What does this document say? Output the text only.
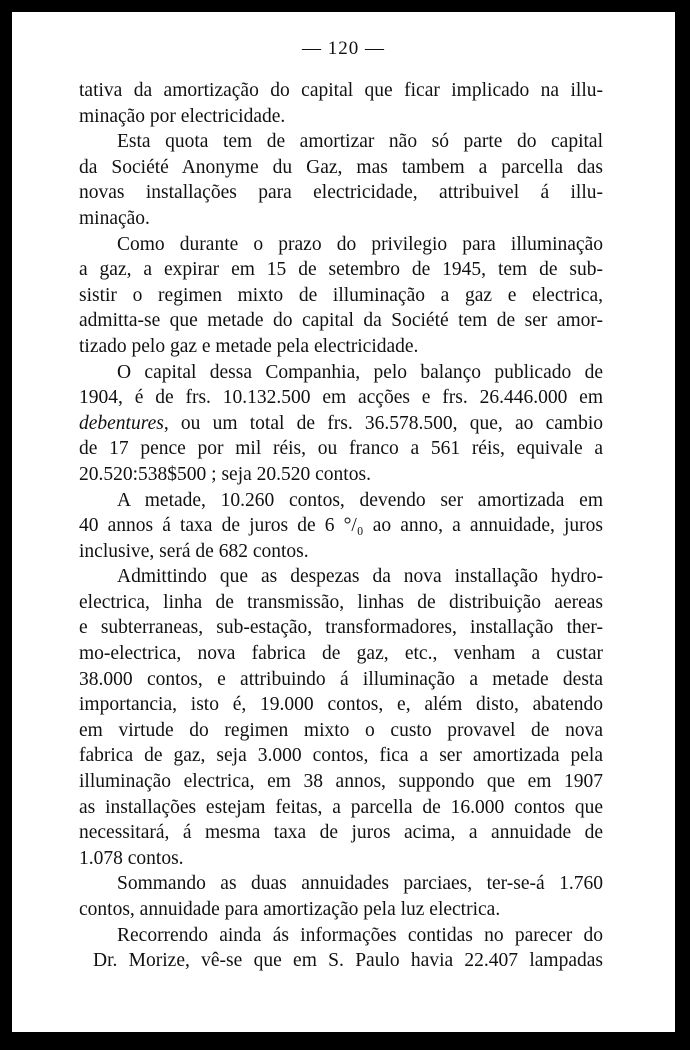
— 120 —
tativa da amortização do capital que ficar implicado na illu-
minação por electricidade.
Esta quota tem de amortizar não só parte do capital
da Société Anonyme du Gaz, mas tambem a parcella das
novas installações para electricidade, attribuivel á illu-
minação.
Como durante o prazo do privilegio para illuminação
a gaz, a expirar em 15 de setembro de 1945, tem de sub-
sistir o regimen mixto de illuminação a gaz e electrica,
admitta-se que metade do capital da Société tem de ser amor-
tizado pelo gaz e metade pela electricidade.
O capital dessa Companhia, pelo balanço publicado de
1904, é de frs. 10.132.500 em acções e frs. 26.446.000 em
debentures, ou um total de frs. 36.578.500, que, ao cambio
de 17 pence por mil réis, ou franco a 561 réis, equivale a
20.520:538$500 ; seja 20.520 contos.
A metade, 10.260 contos, devendo ser amortizada em
40 annos á taxa de juros de 6 °/₀ ao anno, a annuidade, juros
inclusive, será de 682 contos.
Admittindo que as despezas da nova installação hydro-
electrica, linha de transmissão, linhas de distribuição aereas
e subterraneas, sub-estação, transformadores, installação ther-
mo-electrica, nova fabrica de gaz, etc., venham a custar
38.000 contos, e attribuindo á illuminação a metade desta
importancia, isto é, 19.000 contos, e, além disto, abatendo
em virtude do regimen mixto o custo provavel de nova
fabrica de gaz, seja 3.000 contos, fica a ser amortizada pela
illuminação electrica, em 38 annos, suppondo que em 1907
as installações estejam feitas, a parcella de 16.000 contos que
necessitará, á mesma taxa de juros acima, a annuidade de
1.078 contos.
Sommando as duas annuidades parciaes, ter-se-á 1.760
contos, annuidade para amortização pela luz electrica.
Recorrendo ainda ás informações contidas no parecer do
Dr. Morize, vê-se que em S. Paulo havia 22.407 lampadas
